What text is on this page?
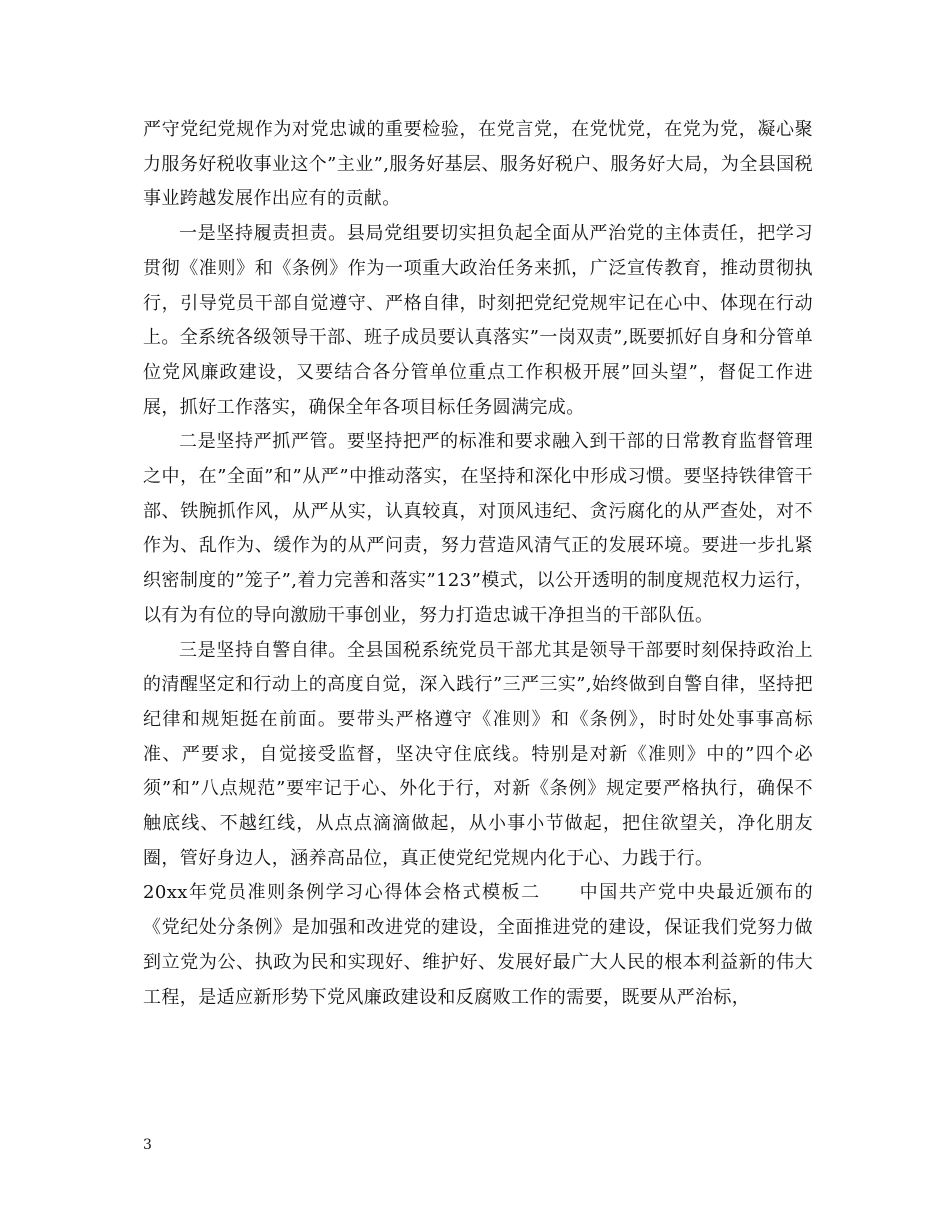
严守党纪党规作为对党忠诚的重要检验，在党言党，在党忧党，在党为党，凝心聚力服务好税收事业这个”主业”,服务好基层、服务好税户、服务好大局，为全县国税事业跨越发展作出应有的贡献。

一是坚持履责担责。县局党组要切实担负起全面从严治党的主体责任，把学习贯彻《准则》和《条例》作为一项重大政治任务来抓，广泛宣传教育，推动贯彻执行，引导党员干部自觉遵守、严格自律，时刻把党纪党规牢记在心中、体现在行动上。全系统各级领导干部、班子成员要认真落实”一岗双责”,既要抓好自身和分管单位党风廉政建设，又要结合各分管单位重点工作积极开展”回头望”，督促工作进展，抓好工作落实，确保全年各项目标任务圆满完成。

二是坚持严抓严管。要坚持把严的标准和要求融入到干部的日常教育监督管理之中，在”全面”和”从严”中推动落实，在坚持和深化中形成习惯。要坚持铁律管干部、铁腕抓作风，从严从实，认真较真，对顶风违纪、贪污腐化的从严查处，对不作为、乱作为、缓作为的从严问责，努力营造风清气正的发展环境。要进一步扎紧织密制度的”笼子”,着力完善和落实”123”模式，以公开透明的制度规范权力运行，以有为有位的导向激励干事创业，努力打造忠诚干净担当的干部队伍。

三是坚持自警自律。全县国税系统党员干部尤其是领导干部要时刻保持政治上的清醒坚定和行动上的高度自觉，深入践行”三严三实”,始终做到自警自律，坚持把纪律和规矩挺在前面。要带头严格遵守《准则》和《条例》，时时处处事事高标准、严要求，自觉接受监督，坚决守住底线。特别是对新《准则》中的”四个必须”和”八点规范”要牢记于心、外化于行，对新《条例》规定要严格执行，确保不触底线、不越红线，从点点滴滴做起，从小事小节做起，把住欲望关，净化朋友圈，管好身边人，涵养高品位，真正使党纪党规内化于心、力践于行。

20xx年党员准则条例学习心得体会格式模板二　　中国共产党中央最近颁布的《党纪处分条例》是加强和改进党的建设，全面推进党的建设，保证我们党努力做到立党为公、执政为民和实现好、维护好、发展好最广大人民的根本利益新的伟大工程，是适应新形势下党风廉政建设和反腐败工作的需要，既要从严治标，

3
